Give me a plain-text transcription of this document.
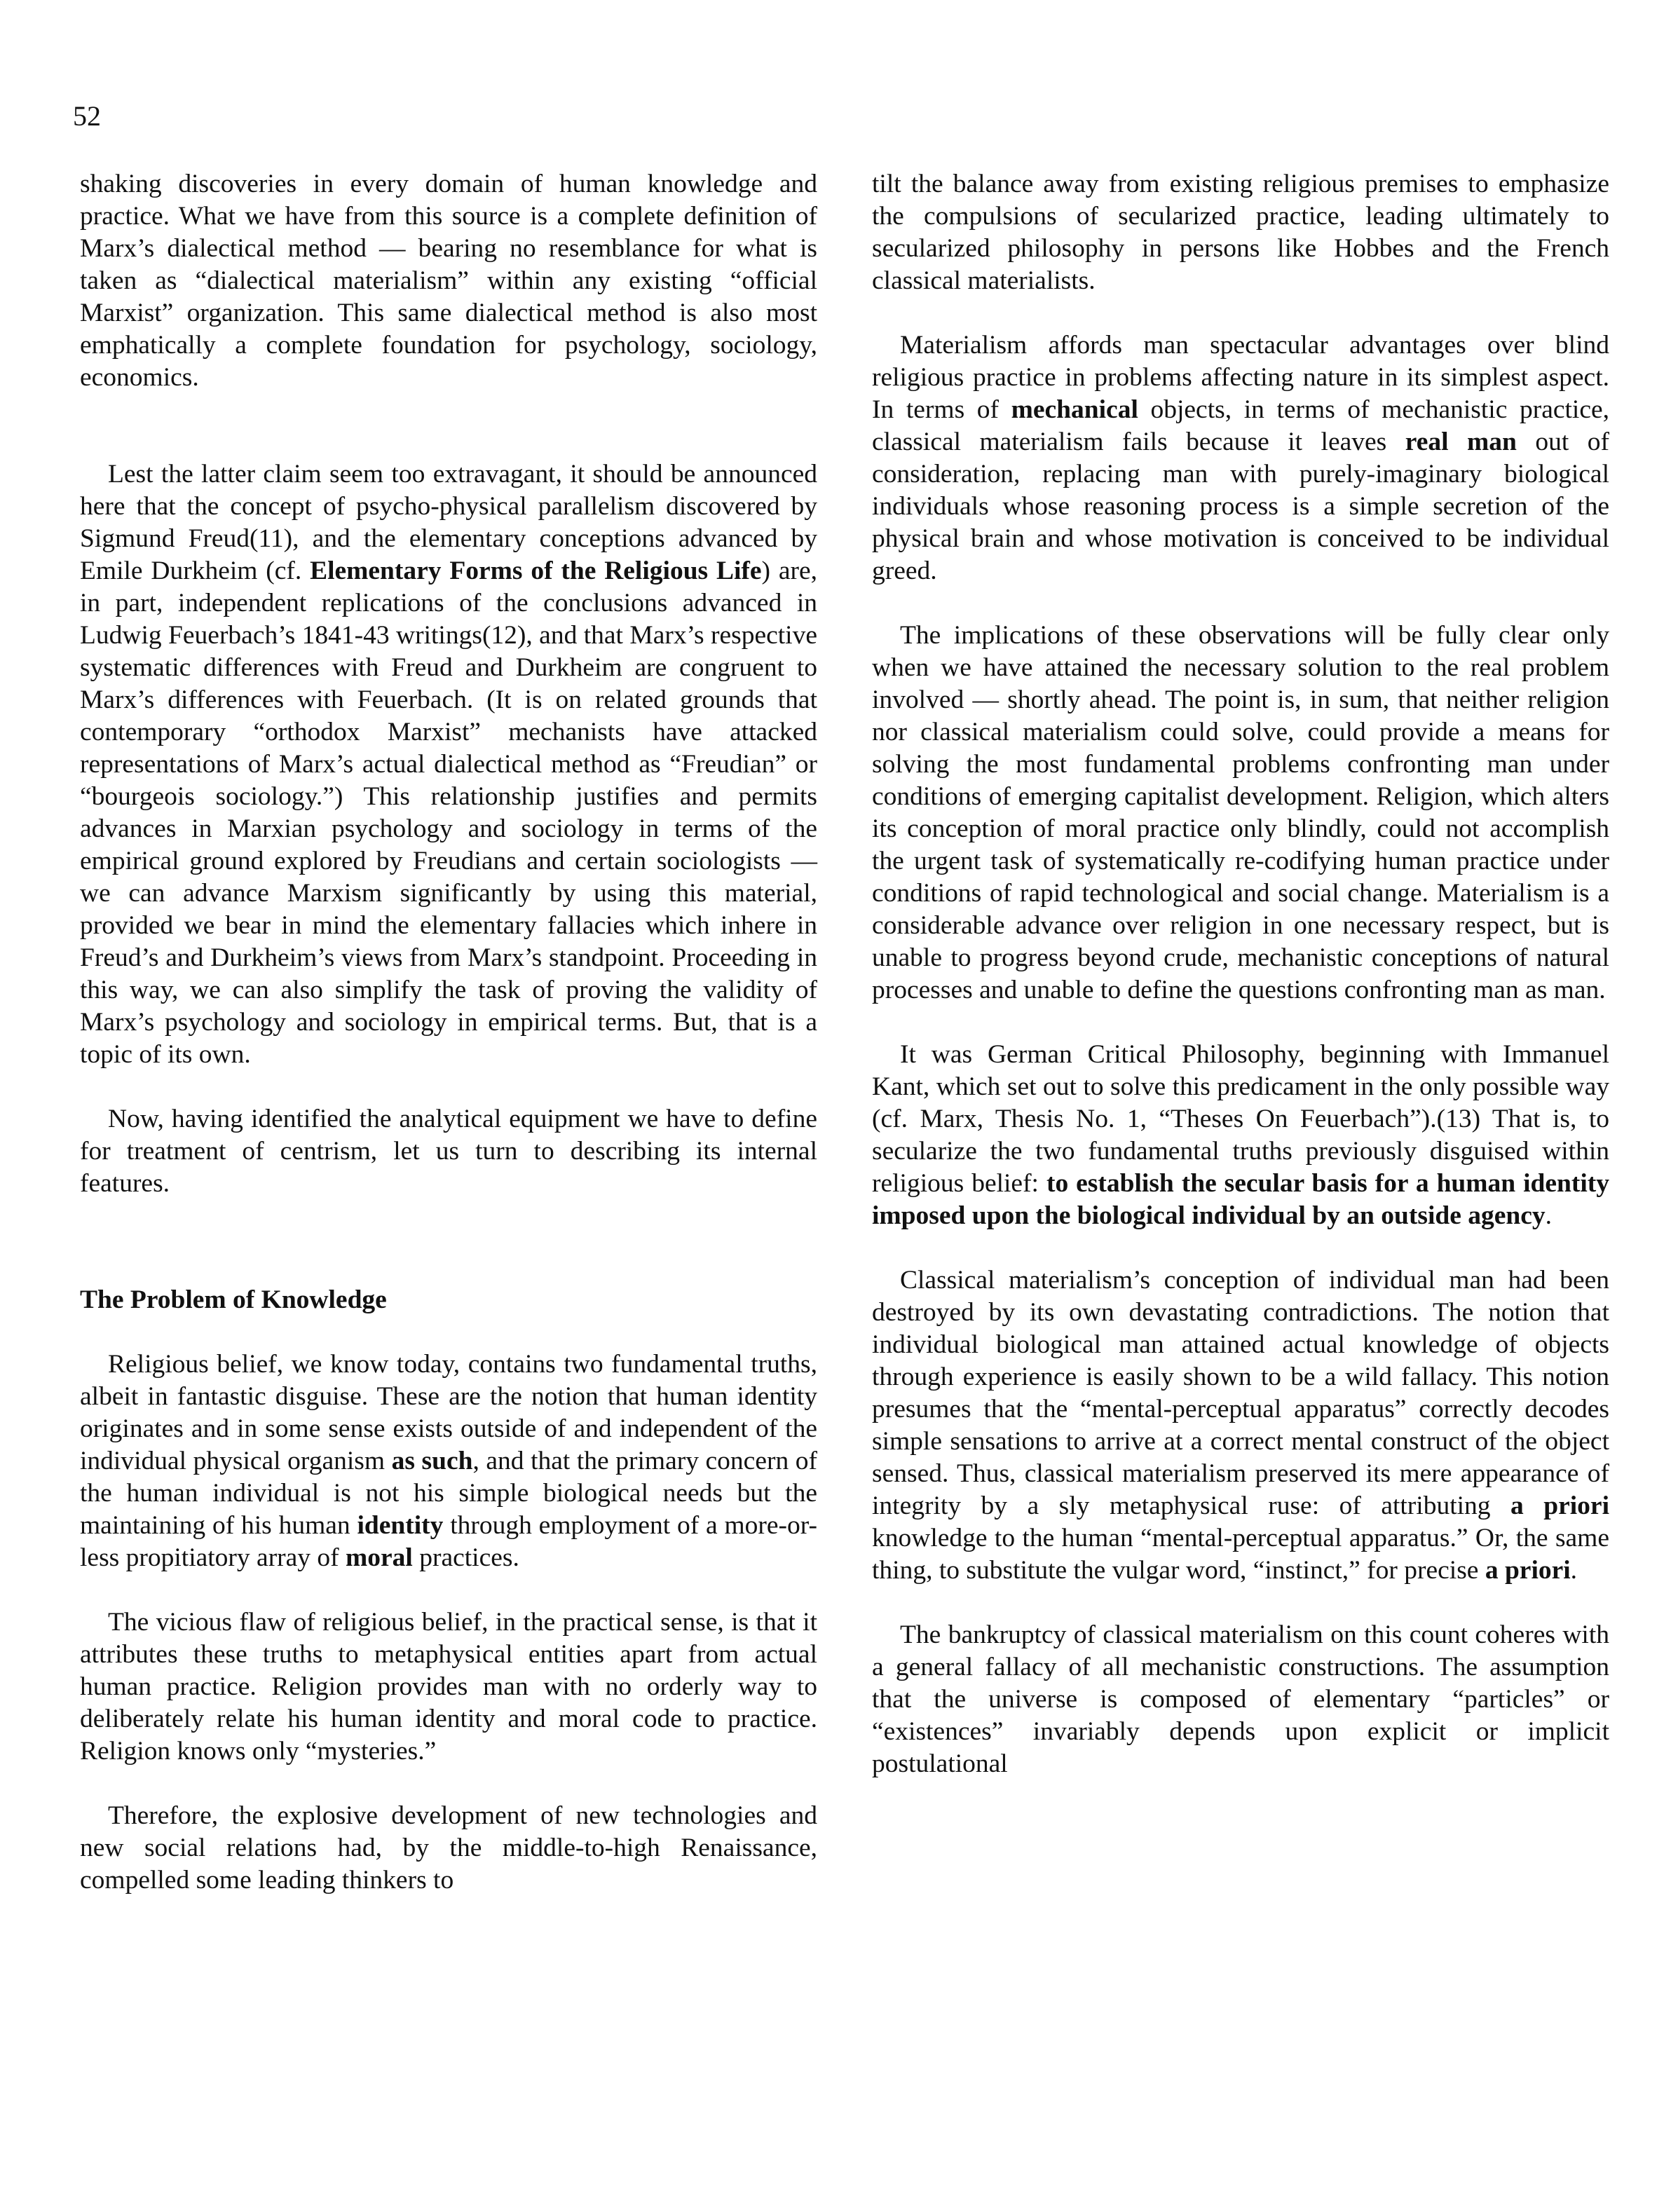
52

shaking discoveries in every domain of human knowledge and practice. What we have from this source is a complete definition of Marx’s dialectical method — bearing no resemblance for what is taken as “dialectical materialism” within any existing “official Marxist” organization. This same dialectical method is also most emphatically a complete foundation for psychology, sociology, economics.

Lest the latter claim seem too extravagant, it should be announced here that the concept of psycho-physical parallelism discovered by Sigmund Freud(11), and the elementary conceptions advanced by Emile Durkheim (cf. Elementary Forms of the Religious Life) are, in part, independent replications of the conclusions advanced in Ludwig Feuerbach’s 1841-43 writings(12), and that Marx’s respective systematic differences with Freud and Durkheim are congruent to Marx’s differences with Feuerbach. (It is on related grounds that contemporary “orthodox Marxist” mechanists have attacked representations of Marx’s actual dialectical method as “Freudian” or “bourgeois sociology.”) This relationship justifies and permits advances in Marxian psychology and sociology in terms of the empirical ground explored by Freudians and certain sociologists — we can advance Marxism significantly by using this material, provided we bear in mind the elementary fallacies which inhere in Freud’s and Durkheim’s views from Marx’s standpoint. Proceeding in this way, we can also simplify the task of proving the validity of Marx’s psychology and sociology in empirical terms. But, that is a topic of its own.

Now, having identified the analytical equipment we have to define for treatment of centrism, let us turn to describing its internal features.

The Problem of Knowledge

Religious belief, we know today, contains two fundamental truths, albeit in fantastic disguise. These are the notion that human identity originates and in some sense exists outside of and independent of the individual physical organism as such, and that the primary concern of the human individual is not his simple biological needs but the maintaining of his human identity through employment of a more-or-less propitiatory array of moral practices.

The vicious flaw of religious belief, in the practical sense, is that it attributes these truths to metaphysical entities apart from actual human practice. Religion provides man with no orderly way to deliberately relate his human identity and moral code to practice. Religion knows only “mysteries.”

Therefore, the explosive development of new technologies and new social relations had, by the middle-to-high Renaissance, compelled some leading thinkers to

tilt the balance away from existing religious premises to emphasize the compulsions of secularized practice, leading ultimately to secularized philosophy in persons like Hobbes and the French classical materialists.

Materialism affords man spectacular advantages over blind religious practice in problems affecting nature in its simplest aspect. In terms of mechanical objects, in terms of mechanistic practice, classical materialism fails because it leaves real man out of consideration, replacing man with purely-imaginary biological individuals whose reasoning process is a simple secretion of the physical brain and whose motivation is conceived to be individual greed.

The implications of these observations will be fully clear only when we have attained the necessary solution to the real problem involved — shortly ahead. The point is, in sum, that neither religion nor classical materialism could solve, could provide a means for solving the most fundamental problems confronting man under conditions of emerging capitalist development. Religion, which alters its conception of moral practice only blindly, could not accomplish the urgent task of systematically re-codifying human practice under conditions of rapid technological and social change. Materialism is a considerable advance over religion in one necessary respect, but is unable to progress beyond crude, mechanistic conceptions of natural processes and unable to define the questions confronting man as man.

It was German Critical Philosophy, beginning with Immanuel Kant, which set out to solve this predicament in the only possible way (cf. Marx, Thesis No. 1, “Theses On Feuerbach”).(13) That is, to secularize the two fundamental truths previously disguised within religious belief: to establish the secular basis for a human identity imposed upon the biological individual by an outside agency.

Classical materialism’s conception of individual man had been destroyed by its own devastating contradictions. The notion that individual biological man attained actual knowledge of objects through experience is easily shown to be a wild fallacy. This notion presumes that the “mental-perceptual apparatus” correctly decodes simple sensations to arrive at a correct mental construct of the object sensed. Thus, classical materialism preserved its mere appearance of integrity by a sly metaphysical ruse: of attributing a priori knowledge to the human “mental-perceptual apparatus.” Or, the same thing, to substitute the vulgar word, “instinct,” for precise a priori.

The bankruptcy of classical materialism on this count coheres with a general fallacy of all mechanistic constructions. The assumption that the universe is composed of elementary “particles” or “existences” invariably depends upon explicit or implicit postulational
